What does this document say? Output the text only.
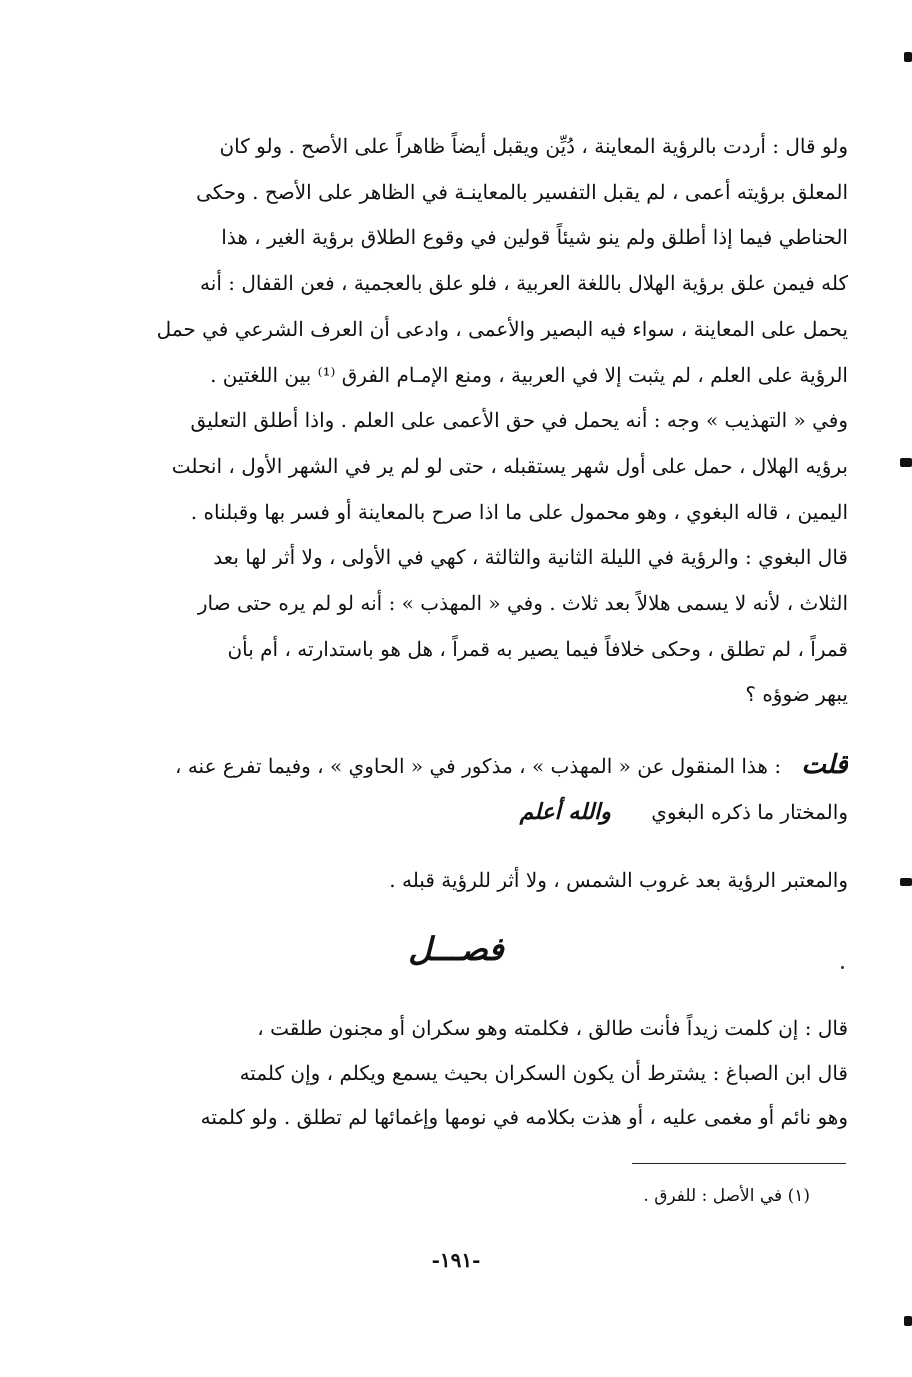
ولو قال : أردت بالرؤية المعاينة ، دُيِّن ويقبل أيضاً ظاهراً على الأصح . ولو كان
المعلق برؤيته أعمى ، لم يقبل التفسير بالمعاينـة في الظاهر على الأصح . وحكى
الحناطي فيما إذا أطلق ولم ينو شيئاً قولين في وقوع الطلاق برؤية الغير ، هذا
كله فيمن علق برؤية الهلال باللغة العربية ، فلو علق بالعجمية ، فعن القفال : أنه
يحمل على المعاينة ، سواء فيه البصير والأعمى ، وادعى أن العرف الشرعي في حمل
الرؤية على العلم ، لم يثبت إلا في العربية ، ومنع الإمـام الفرق ⁽¹⁾ بين اللغتين .
وفي « التهذيب » وجه : أنه يحمل في حق الأعمى على العلم . واذا أطلق التعليق
برؤيه الهلال ، حمل على أول شهر يستقبله ، حتى لو لم ير في الشهر الأول ، انحلت
اليمين ، قاله البغوي ، وهو محمول على ما اذا صرح بالمعاينة أو فسر بها وقبلناه .
قال البغوي : والرؤية في الليلة الثانية والثالثة ، كهي في الأولى ، ولا أثر لها بعد
الثلاث ، لأنه لا يسمى هلالاً بعد ثلاث . وفي « المهذب » : أنه لو لم يره حتى صار
قمراً ، لم تطلق ، وحكى خلافاً فيما يصير به قمراً ، هل هو باستدارته ، أم بأن
يبهر ضوؤه ؟
قلت : هذا المنقول عن « المهذب » ، مذكور في « الحاوي » ، وفيما تفرع عنه ،
والمختار ما ذكره البغوي والله أعلم
والمعتبر الرؤية بعد غروب الشمس ، ولا أثر للرؤية قبله .
فصـــل
قال : إن كلمت زيداً فأنت طالق ، فكلمته وهو سكران أو مجنون طلقت ،
قال ابن الصباغ : يشترط أن يكون السكران بحيث يسمع ويكلم ، وإن كلمته
وهو نائم أو مغمى عليه ، أو هذت بكلامه في نومها وإغمائها لم تطلق . ولو كلمته
(١) في الأصل : للفرق .
-١٩١-
